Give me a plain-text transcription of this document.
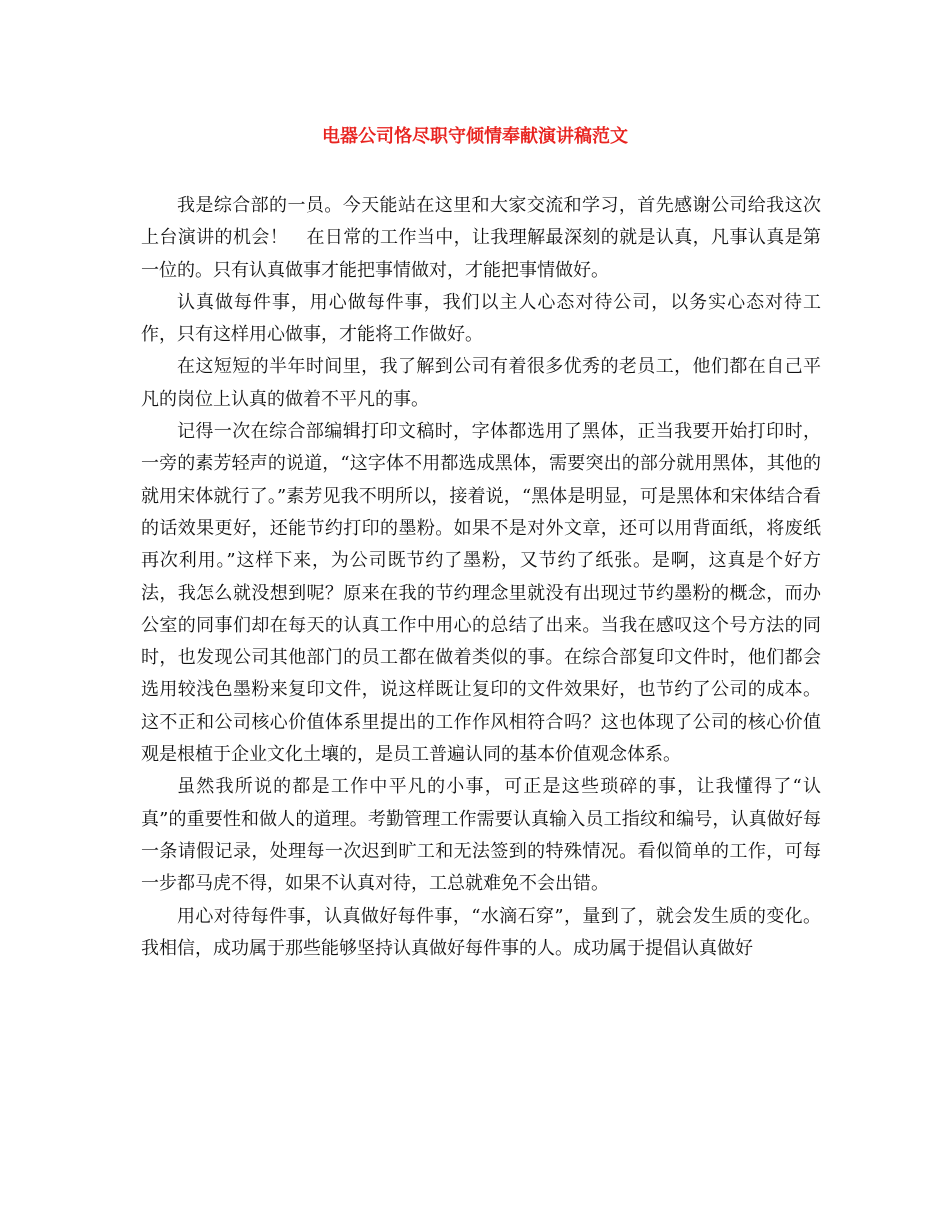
电器公司恪尽职守倾情奉献演讲稿范文

我是综合部的一员。今天能站在这里和大家交流和学习，首先感谢公司给我这次上台演讲的机会！　在日常的工作当中，让我理解最深刻的就是认真，凡事认真是第一位的。只有认真做事才能把事情做对，才能把事情做好。

认真做每件事，用心做每件事，我们以主人心态对待公司，以务实心态对待工作，只有这样用心做事，才能将工作做好。

在这短短的半年时间里，我了解到公司有着很多优秀的老员工，他们都在自己平凡的岗位上认真的做着不平凡的事。

记得一次在综合部编辑打印文稿时，字体都选用了黑体，正当我要开始打印时，一旁的素芳轻声的说道，“这字体不用都选成黑体，需要突出的部分就用黑体，其他的就用宋体就行了。”素芳见我不明所以，接着说，“黑体是明显，可是黑体和宋体结合看的话效果更好，还能节约打印的墨粉。如果不是对外文章，还可以用背面纸，将废纸再次利用。”这样下来，为公司既节约了墨粉，又节约了纸张。是啊，这真是个好方法，我怎么就没想到呢？原来在我的节约理念里就没有出现过节约墨粉的概念，而办公室的同事们却在每天的认真工作中用心的总结了出来。当我在感叹这个号方法的同时，也发现公司其他部门的员工都在做着类似的事。在综合部复印文件时，他们都会选用较浅色墨粉来复印文件，说这样既让复印的文件效果好，也节约了公司的成本。这不正和公司核心价值体系里提出的工作作风相符合吗？这也体现了公司的核心价值观是根植于企业文化土壤的，是员工普遍认同的基本价值观念体系。

虽然我所说的都是工作中平凡的小事，可正是这些琐碎的事，让我懂得了“认真”的重要性和做人的道理。考勤管理工作需要认真输入员工指纹和编号，认真做好每一条请假记录，处理每一次迟到旷工和无法签到的特殊情况。看似简单的工作，可每一步都马虎不得，如果不认真对待，工总就难免不会出错。

用心对待每件事，认真做好每件事，“水滴石穿”，量到了，就会发生质的变化。我相信，成功属于那些能够坚持认真做好每件事的人。成功属于提倡认真做好
